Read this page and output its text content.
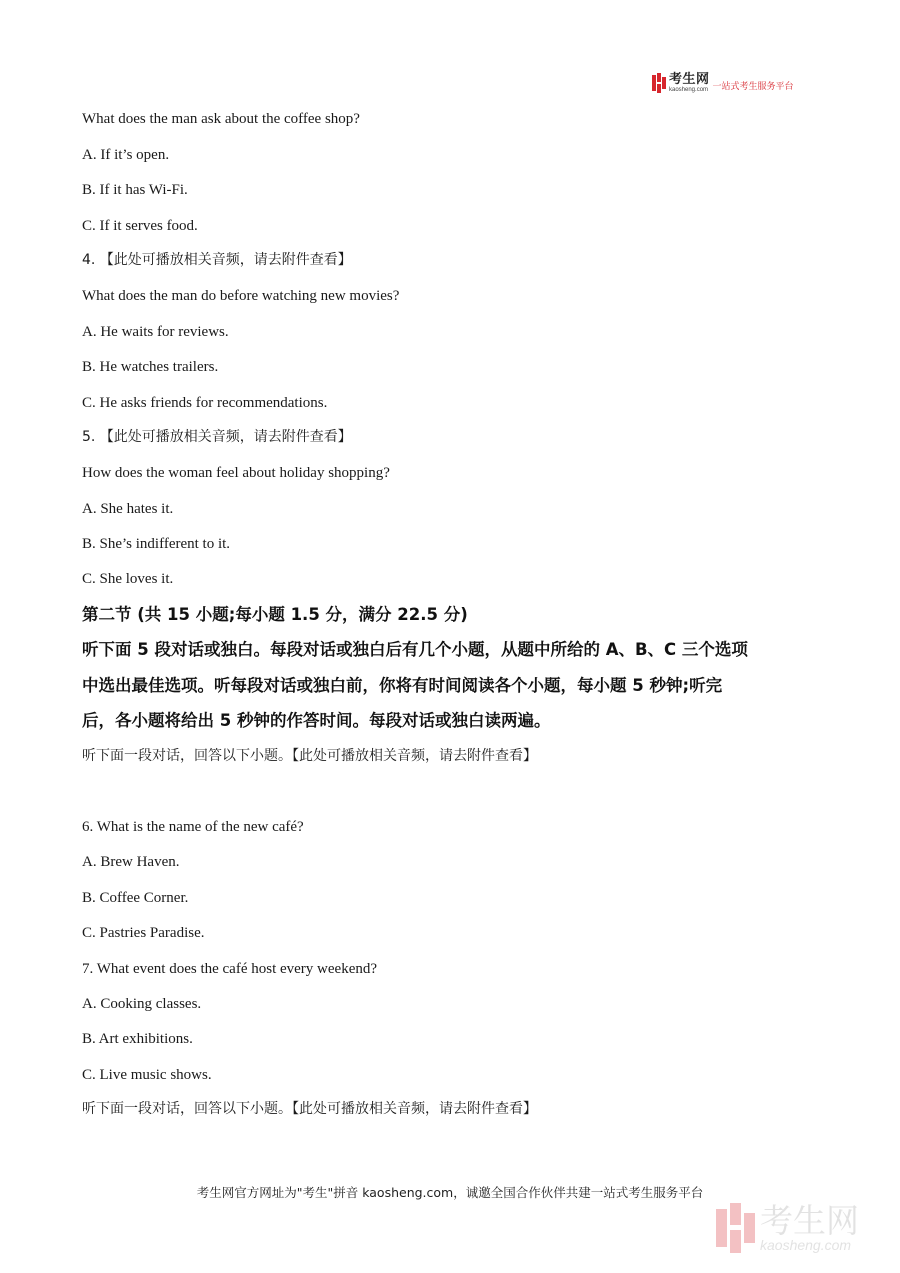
考生网
kaosheng.com 一站式考生服务平台
What does the man ask about the coffee shop?
A. If it’s open.
B. If it has Wi-Fi.
C. If it serves food.
4. 【此处可播放相关音频，请去附件查看】
What does the man do before watching new movies?
A. He waits for reviews.
B. He watches trailers.
C. He asks friends for recommendations.
5. 【此处可播放相关音频，请去附件查看】
How does the woman feel about holiday shopping?
A. She hates it.
B. She’s indifferent to it.
C. She loves it.
第二节 (共 15 小题;每小题 1.5 分，满分 22.5 分)
听下面 5 段对话或独白。每段对话或独白后有几个小题，从题中所给的 A、B、C 三个选项
中选出最佳选项。听每段对话或独白前，你将有时间阅读各个小题，每小题 5 秒钟;听完
后，各小题将给出 5 秒钟的作答时间。每段对话或独白读两遍。
听下面一段对话，回答以下小题。【此处可播放相关音频，请去附件查看】
6. What is the name of the new café?
A. Brew Haven.
B. Coffee Corner.
C. Pastries Paradise.
7. What event does the café host every weekend?
A. Cooking classes.
B. Art exhibitions.
C. Live music shows.
听下面一段对话，回答以下小题。【此处可播放相关音频，请去附件查看】
考生网官方网址为"考生"拼音 kaosheng.com，诚邀全国合作伙伴共建一站式考生服务平台
考生网
kaosheng.com
